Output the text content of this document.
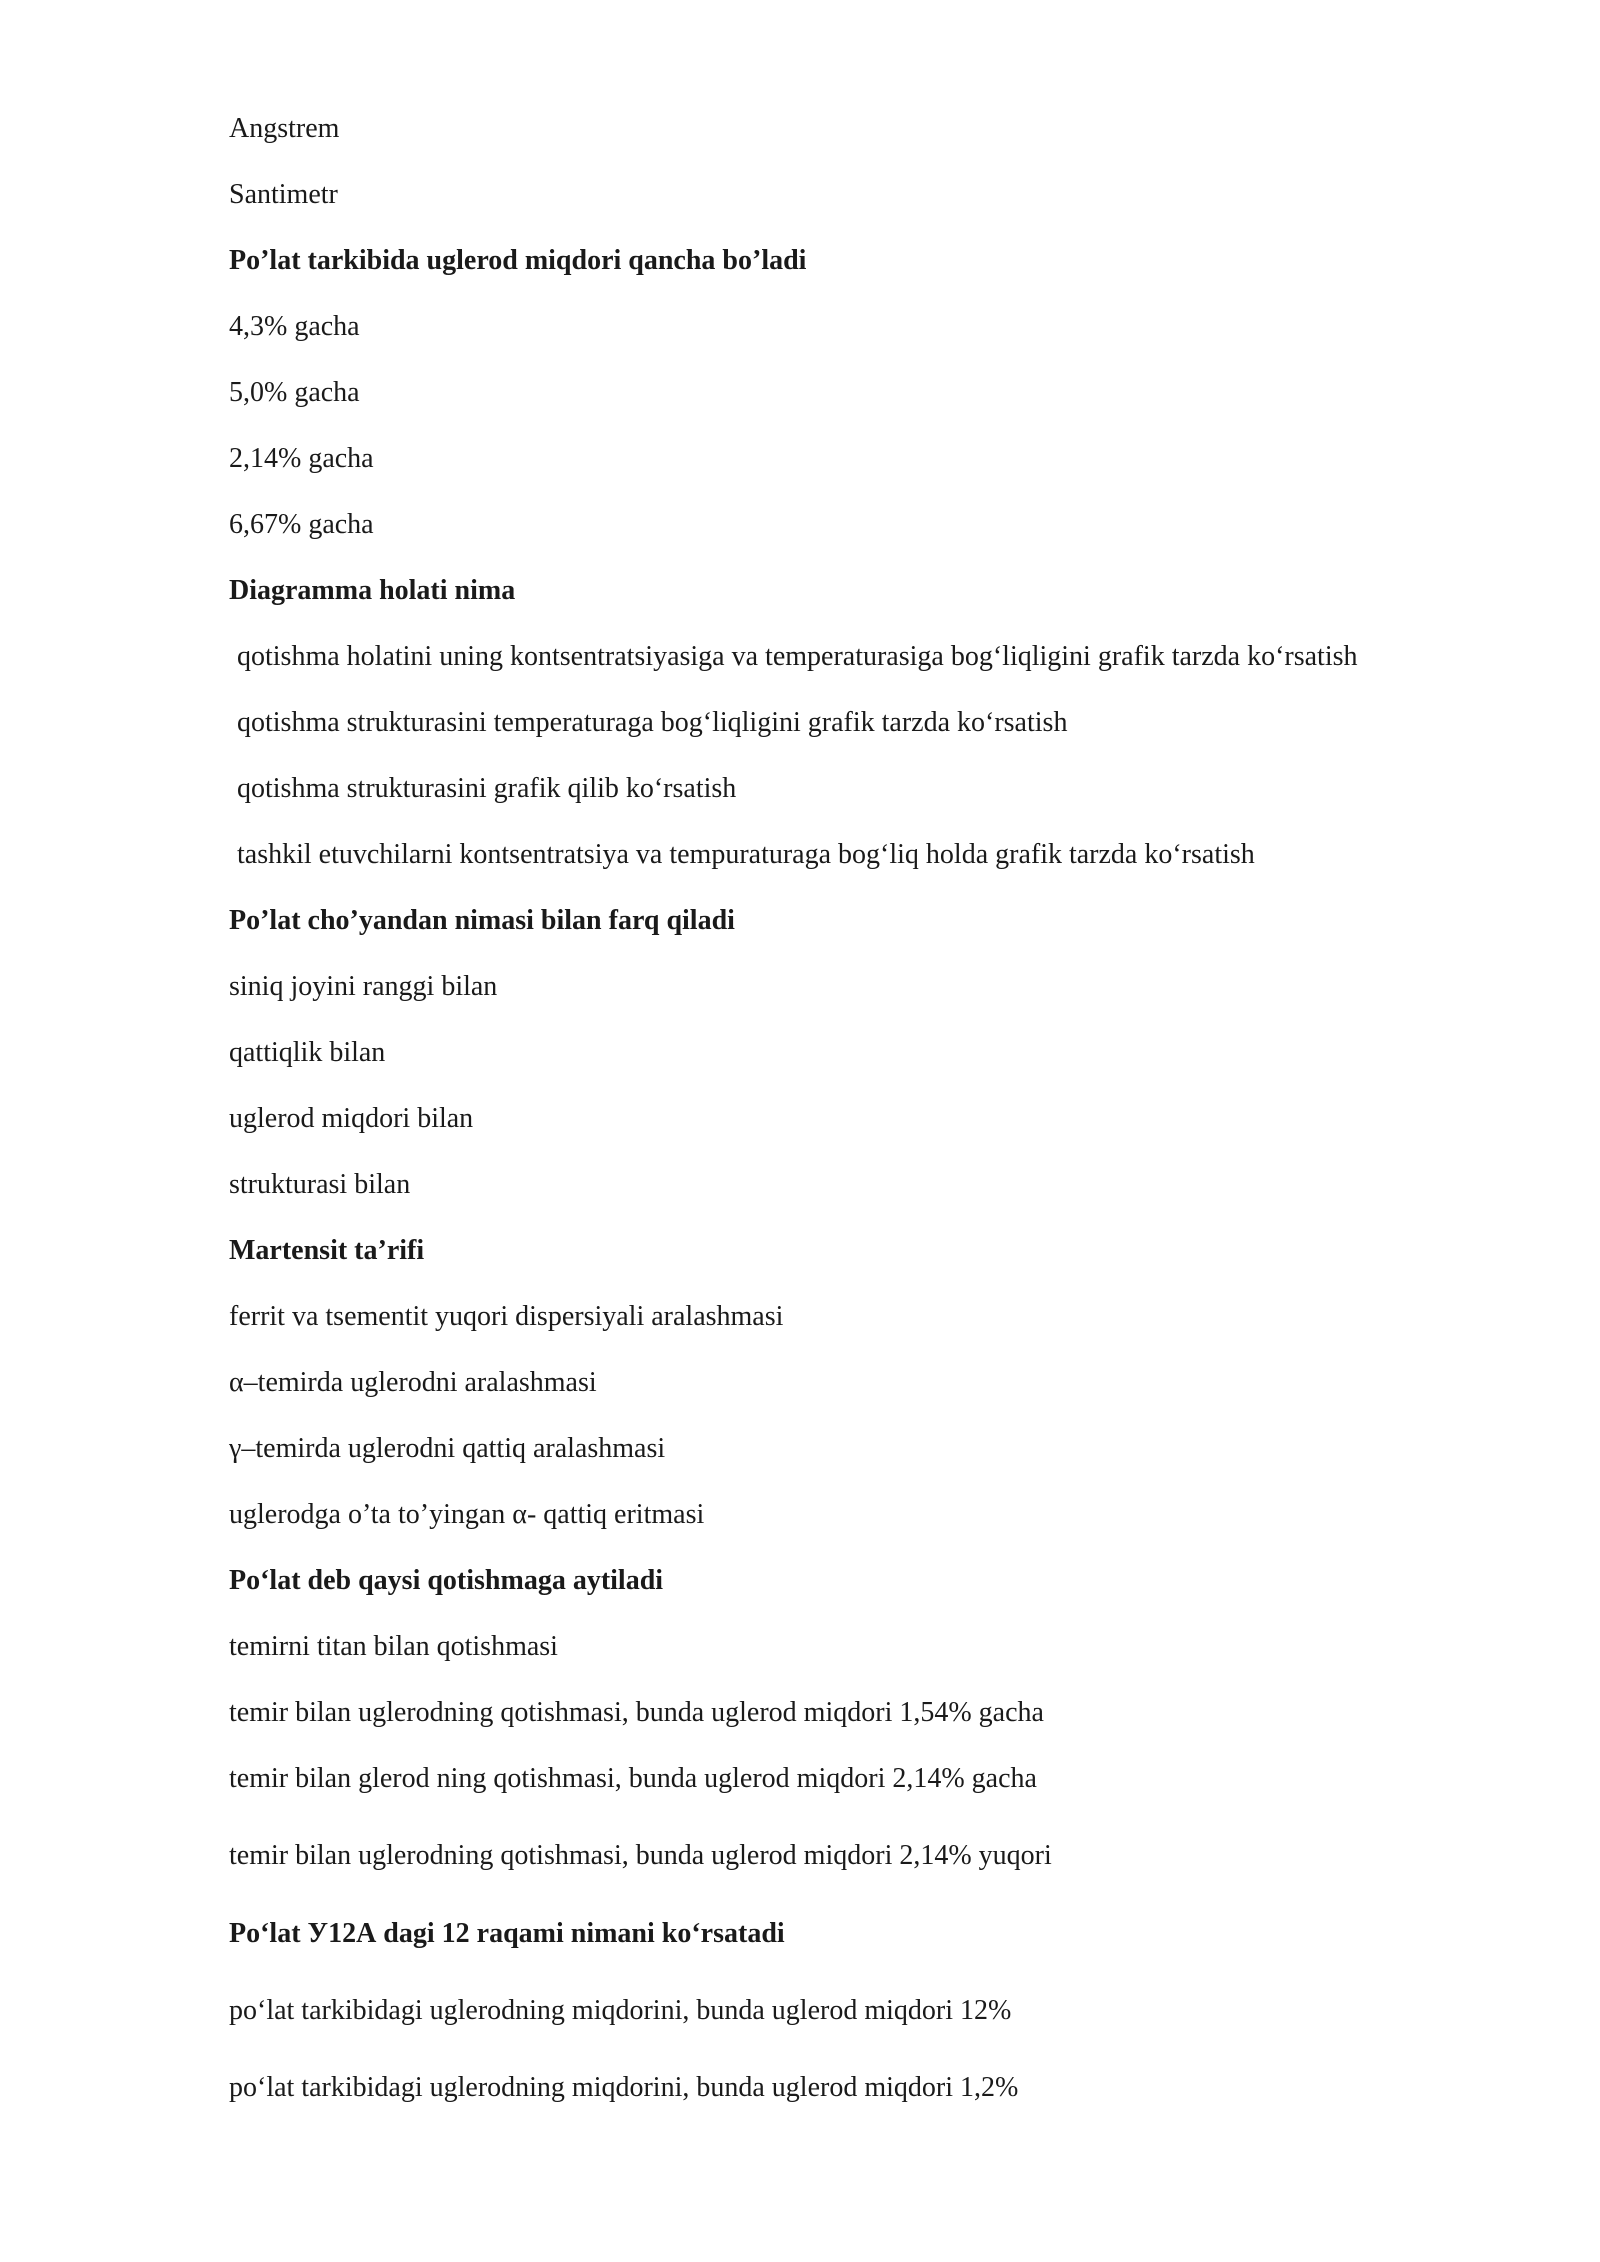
Angstrem

Santimetr

Po’lat tarkibida uglerod miqdori qancha bo’ladi

4,3% gacha

5,0% gacha

2,14% gacha

6,67% gacha

Diagramma holati nima

qotishma holatini uning kontsentratsiyasiga va temperaturasiga bog‘liqligini grafik tarzda ko‘rsatish

qotishma strukturasini temperaturaga bog‘liqligini grafik tarzda ko‘rsatish

qotishma strukturasini grafik qilib ko‘rsatish

tashkil etuvchilarni kontsentratsiya va tempuraturaga bog‘liq holda grafik tarzda ko‘rsatish

Po’lat cho’yandan nimasi bilan farq qiladi

siniq joyini ranggi bilan

qattiqlik bilan

uglerod miqdori bilan

strukturasi bilan

Martensit ta’rifi

ferrit va tsementit yuqori dispersiyali aralashmasi

α–temirda uglerodni aralashmasi

γ–temirda uglerodni qattiq aralashmasi

uglerodga o’ta to’yingan α- qattiq eritmasi

Po‘lat deb qaysi qotishmaga aytiladi

temirni titan bilan qotishmasi

temir bilan uglerodning qotishmasi, bunda uglerod miqdori 1,54% gacha

temir bilan glerod ning qotishmasi, bunda uglerod miqdori 2,14% gacha

temir bilan uglerodning qotishmasi, bunda uglerod miqdori 2,14% yuqori

Po‘lat У12А dagi 12 raqami nimani ko‘rsatadi

po‘lat tarkibidagi uglerodning miqdorini, bunda uglerod miqdori 12%

po‘lat tarkibidagi uglerodning miqdorini, bunda uglerod miqdori 1,2%
